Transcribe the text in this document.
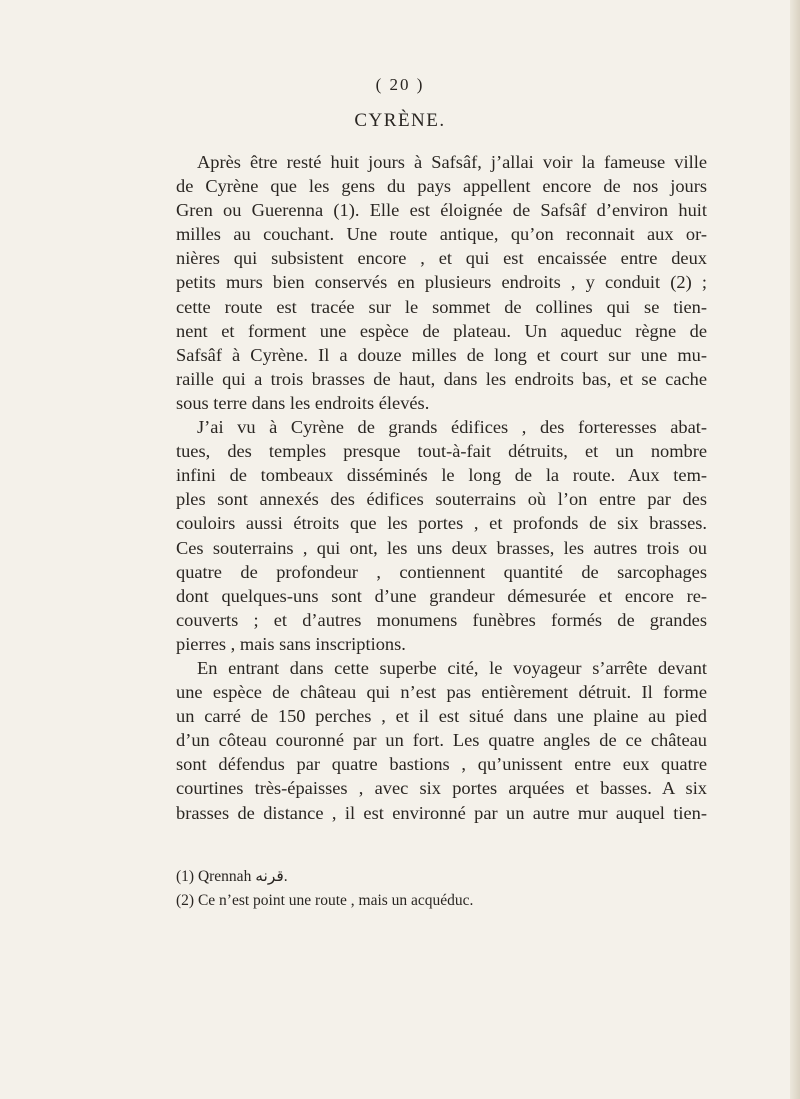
( 20 )
CYRÈNE.
Après être resté huit jours à Safsâf, j’allai voir la fameuse ville
de Cyrène que les gens du pays appellent encore de nos jours
Gren ou Guerenna (1). Elle est éloignée de Safsâf d’environ huit
milles au couchant. Une route antique, qu’on reconnait aux or-
nières qui subsistent encore , et qui est encaissée entre deux
petits murs bien conservés en plusieurs endroits , y conduit (2) ;
cette route est tracée sur le sommet de collines qui se tien-
nent et forment une espèce de plateau. Un aqueduc règne de
Safsâf à Cyrène. Il a douze milles de long et court sur une mu-
raille qui a trois brasses de haut, dans les endroits bas, et se cache
sous terre dans les endroits élevés.
J’ai vu à Cyrène de grands édifices , des forteresses abat-
tues, des temples presque tout-à-fait détruits, et un nombre
infini de tombeaux disséminés le long de la route. Aux tem-
ples sont annexés des édifices souterrains où l’on entre par des
couloirs aussi étroits que les portes , et profonds de six brasses.
Ces souterrains , qui ont, les uns deux brasses, les autres trois ou
quatre de profondeur , contiennent quantité de sarcophages
dont quelques-uns sont d’une grandeur démesurée et encore re-
couverts ; et d’autres monumens funèbres formés de grandes
pierres , mais sans inscriptions.
En entrant dans cette superbe cité, le voyageur s’arrête devant
une espèce de château qui n’est pas entièrement détruit. Il forme
un carré de 150 perches , et il est situé dans une plaine au pied
d’un côteau couronné par un fort. Les quatre angles de ce château
sont défendus par quatre bastions , qu’unissent entre eux quatre
courtines très-épaisses , avec six portes arquées et basses. A six
brasses de distance , il est environné par un autre mur auquel tien-
(1) Qrennah قرنه.
(2) Ce n’est point une route , mais un acquéduc.
